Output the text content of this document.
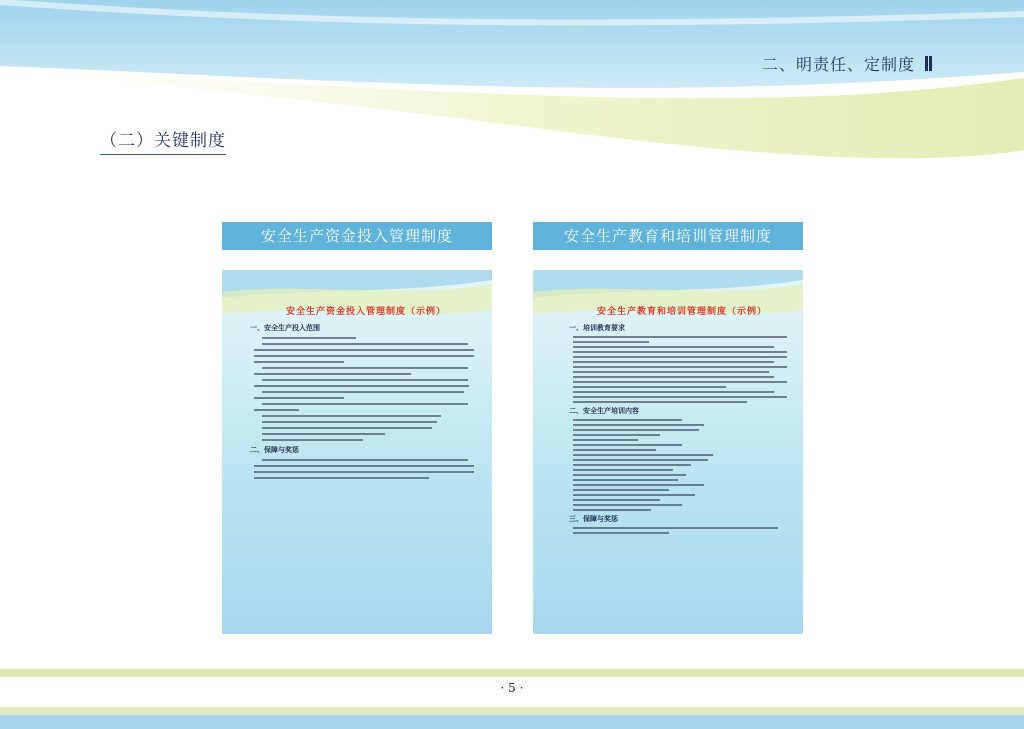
二、明责任、定制度
（二）关键制度
安全生产资金投入管理制度
安全生产资金投入管理制度（示例）
一、安全生产投入范围
二、保障与奖惩
安全生产教育和培训管理制度
安全生产教育和培训管理制度（示例）
一、培训教育要求
二、安全生产培训内容
三、保障与奖惩
· 5 ·
